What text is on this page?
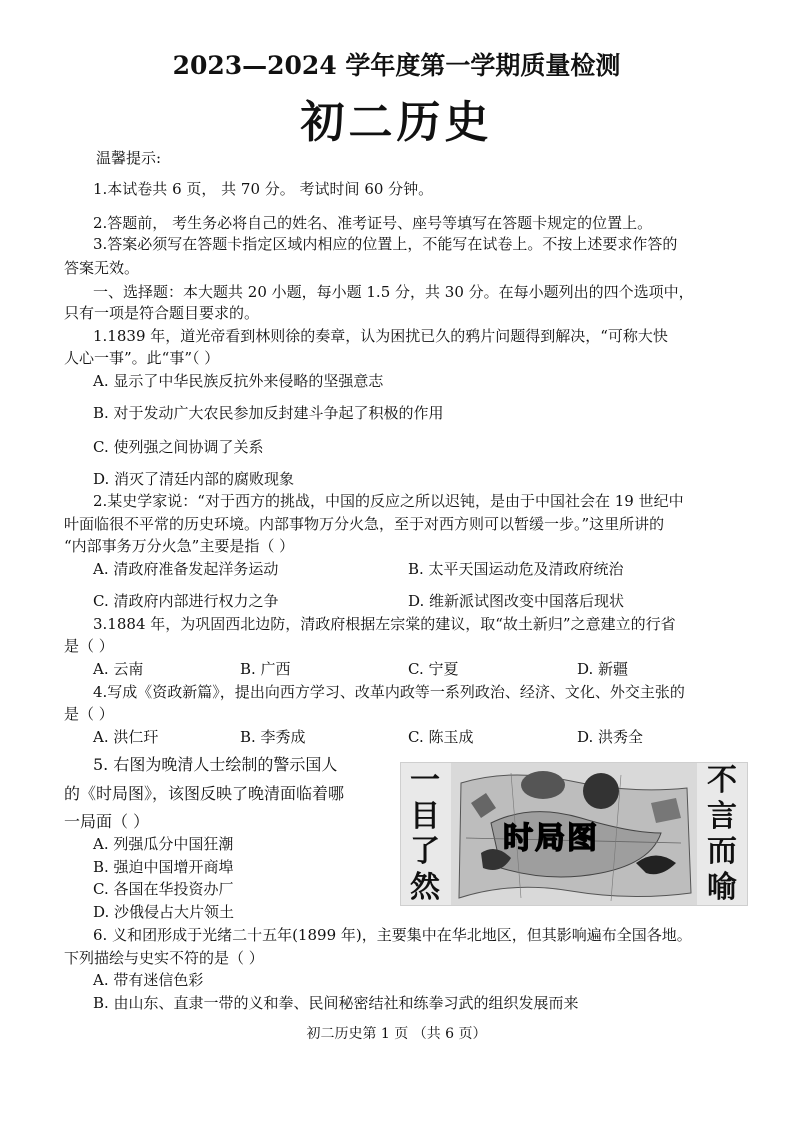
2023—2024 学年度第一学期质量检测
初二历史
温馨提示:
1.本试卷共 6 页， 共 70 分。 考试时间 60 分钟。
2.答题前， 考生务必将自己的姓名、准考证号、座号等填写在答题卡规定的位置上。
3.答案必须写在答题卡指定区域内相应的位置上，不能写在试卷上。不按上述要求作答的
答案无效。
一、选择题：本大题共 20 小题，每小题 1.5 分，共 30 分。在每小题列出的四个选项中，
只有一项是符合题目要求的。
1.1839 年，道光帝看到林则徐的奏章，认为困扰已久的鸦片问题得到解决，“可称大快
人心一事”。此“事”（ ）
A. 显示了中华民族反抗外来侵略的坚强意志
B. 对于发动广大农民参加反封建斗争起了积极的作用
C. 使列强之间协调了关系
D. 消灭了清廷内部的腐败现象
2.某史学家说：“对于西方的挑战，中国的反应之所以迟钝，是由于中国社会在 19 世纪中
叶面临很不平常的历史环境。内部事物万分火急，至于对西方则可以暂缓一步。”这里所讲的
“内部事务万分火急”主要是指（ ）
A. 清政府准备发起洋务运动	B. 太平天国运动危及清政府统治
C. 清政府内部进行权力之争	D. 维新派试图改变中国落后现状
3.1884 年，为巩固西北边防，清政府根据左宗棠的建议，取“故土新归”之意建立的行省
是（ ）
A. 云南	B. 广西	C. 宁夏	D. 新疆
4.写成《资政新篇》，提出向西方学习、改革内政等一系列政治、经济、文化、外交主张的
是（ ）
A. 洪仁玕	B. 李秀成	C. 陈玉成	D. 洪秀全
5. 右图为晚清人士绘制的警示国人
的《时局图》，该图反映了晚清面临着哪
一局面（ ）
A. 列强瓜分中国狂潮
B. 强迫中国增开商埠
C. 各国在华投资办厂
D. 沙俄侵占大片领土
一
目
了
然
时局图
不
言
而
喻
6. 义和团形成于光绪二十五年(1899 年)，主要集中在华北地区，但其影响遍布全国各地。
下列描绘与史实不符的是（ ）
A. 带有迷信色彩
B. 由山东、直隶一带的义和拳、民间秘密结社和练拳习武的组织发展而来
初二历史第 1 页 （共 6 页）
